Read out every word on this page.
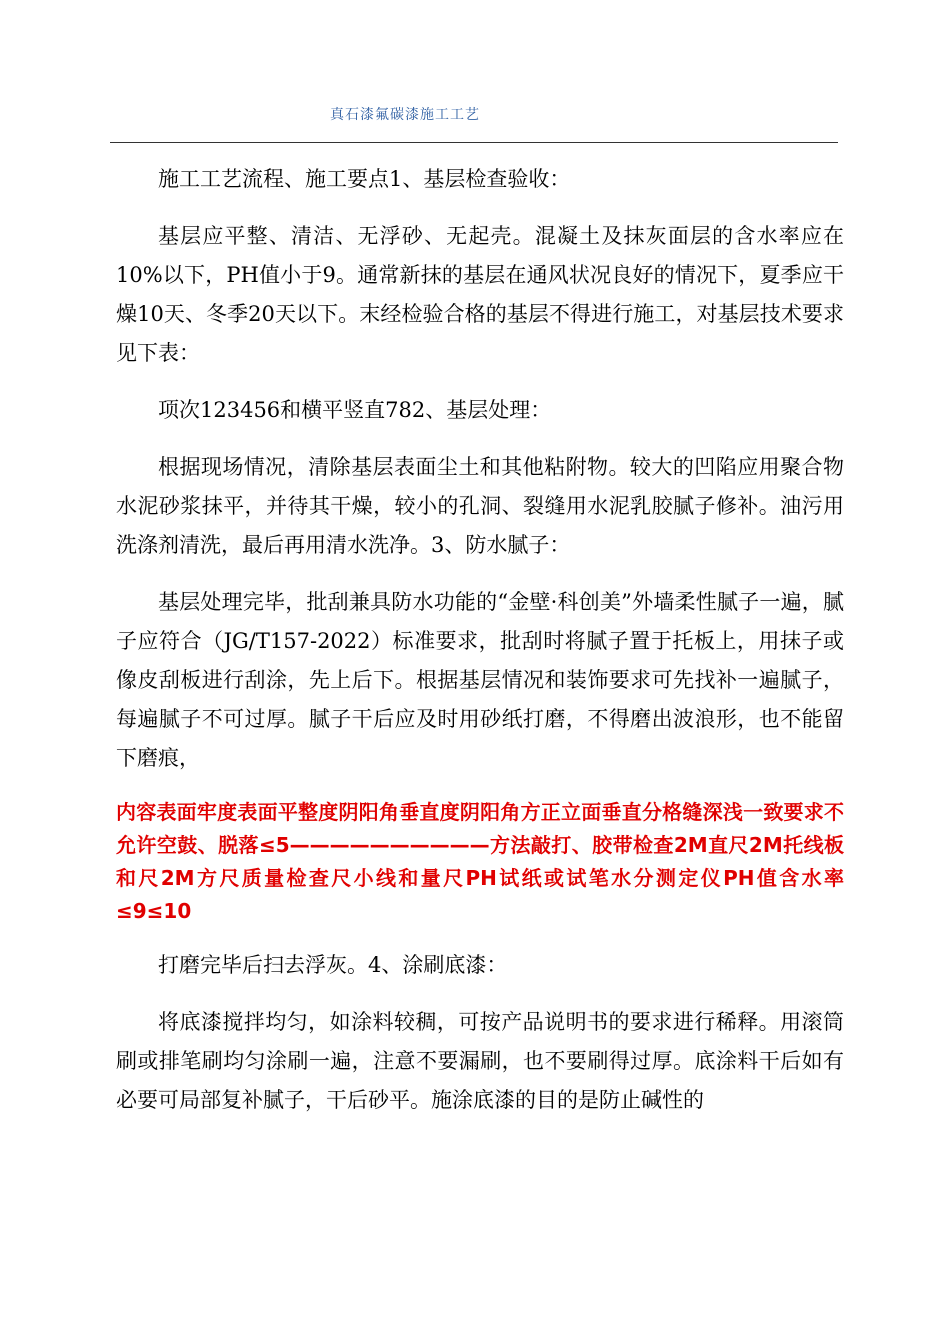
真石漆氟碳漆施工工艺

施工工艺流程、施工要点1、基层检查验收：

基层应平整、清洁、无浮砂、无起壳。混凝土及抹灰面层的含水率应在10%以下，PH值小于9。通常新抹的基层在通风状况良好的情况下，夏季应干燥10天、冬季20天以下。末经检验合格的基层不得进行施工，对基层技术要求见下表：

项次123456和横平竖直782、基层处理：

根据现场情况，清除基层表面尘土和其他粘附物。较大的凹陷应用聚合物水泥砂浆抹平，并待其干燥，较小的孔洞、裂缝用水泥乳胶腻子修补。油污用洗涤剂清洗，最后再用清水洗净。3、防水腻子：

基层处理完毕，批刮兼具防水功能的“金壁·科创美”外墙柔性腻子一遍，腻子应符合（JG/T157-2022）标准要求，批刮时将腻子置于托板上，用抹子或像皮刮板进行刮涂，先上后下。根据基层情况和装饰要求可先找补一遍腻子，每遍腻子不可过厚。腻子干后应及时用砂纸打磨，不得磨出波浪形，也不能留下磨痕，

内容表面牢度表面平整度阴阳角垂直度阴阳角方正立面垂直分格缝深浅一致要求不允许空鼓、脱落≤5——————————方法敲打、胶带检查2M直尺2M托线板和尺2M方尺质量检查尺小线和量尺PH试纸或试笔水分测定仪PH值含水率≤9≤10

打磨完毕后扫去浮灰。4、涂刷底漆：

将底漆搅拌均匀，如涂料较稠，可按产品说明书的要求进行稀释。用滚筒刷或排笔刷均匀涂刷一遍，注意不要漏刷，也不要刷得过厚。底涂料干后如有必要可局部复补腻子，干后砂平。施涂底漆的目的是防止碱性的
